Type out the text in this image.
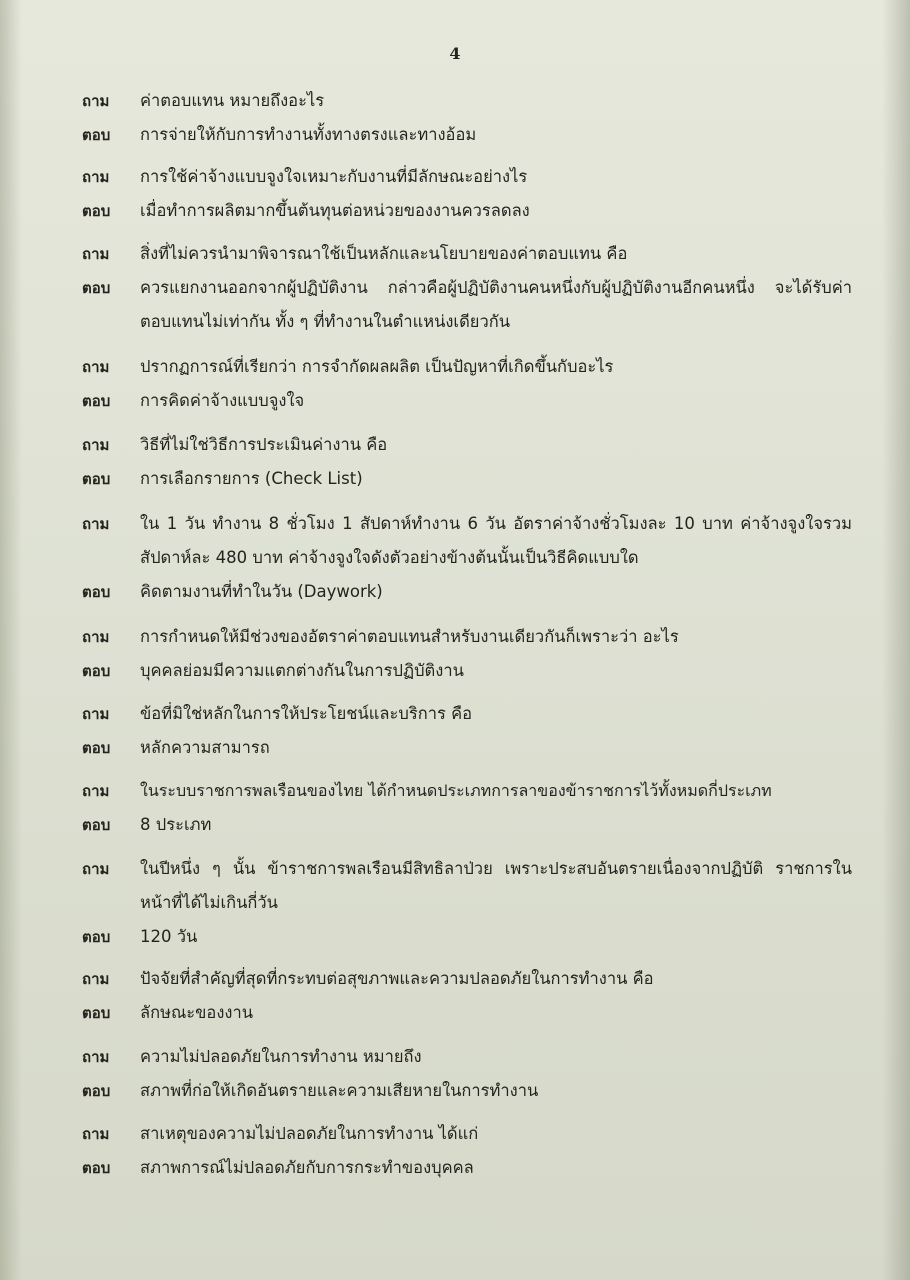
4
ถาม	ค่าตอบแทน หมายถึงอะไร
ตอบ	การจ่ายให้กับการทำงานทั้งทางตรงและทางอ้อม
ถาม	การใช้ค่าจ้างแบบจูงใจเหมาะกับงานที่มีลักษณะอย่างไร
ตอบ	เมื่อทำการผลิตมากขึ้นต้นทุนต่อหน่วยของงานควรลดลง
ถาม	สิ่งที่ไม่ควรนำมาพิจารณาใช้เป็นหลักและนโยบายของค่าตอบแทน คือ
ตอบ	ควรแยกงานออกจากผู้ปฏิบัติงาน กล่าวคือผู้ปฏิบัติงานคนหนึ่งกับผู้ปฏิบัติงานอีกคนหนึ่ง จะได้รับค่าตอบแทนไม่เท่ากัน ทั้ง ๆ ที่ทำงานในตำแหน่งเดียวกัน
ถาม	ปรากฏการณ์ที่เรียกว่า การจำกัดผลผลิต เป็นปัญหาที่เกิดขึ้นกับอะไร
ตอบ	การคิดค่าจ้างแบบจูงใจ
ถาม	วิธีที่ไม่ใช่วิธีการประเมินค่างาน คือ
ตอบ	การเลือกรายการ (Check List)
ถาม	ใน 1 วัน ทำงาน 8 ชั่วโมง 1 สัปดาห์ทำงาน 6 วัน อัตราค่าจ้างชั่วโมงละ 10 บาท ค่าจ้างจูงใจรวมสัปดาห์ละ 480 บาท ค่าจ้างจูงใจดังตัวอย่างข้างต้นนั้นเป็นวิธีคิดแบบใด
ตอบ	คิดตามงานที่ทำในวัน (Daywork)
ถาม	การกำหนดให้มีช่วงของอัตราค่าตอบแทนสำหรับงานเดียวกันก็เพราะว่า อะไร
ตอบ	บุคคลย่อมมีความแตกต่างกันในการปฏิบัติงาน
ถาม	ข้อที่มิใช่หลักในการให้ประโยชน์และบริการ คือ
ตอบ	หลักความสามารถ
ถาม	ในระบบราชการพลเรือนของไทย ได้กำหนดประเภทการลาของข้าราชการไว้ทั้งหมดกี่ประเภท
ตอบ	8 ประเภท
ถาม	ในปีหนึ่ง ๆ นั้น ข้าราชการพลเรือนมีสิทธิลาป่วย เพราะประสบอันตรายเนื่องจากปฏิบัติ ราชการในหน้าที่ได้ไม่เกินกี่วัน
ตอบ	120 วัน
ถาม	ปัจจัยที่สำคัญที่สุดที่กระทบต่อสุขภาพและความปลอดภัยในการทำงาน คือ
ตอบ	ลักษณะของงาน
ถาม	ความไม่ปลอดภัยในการทำงาน หมายถึง
ตอบ	สภาพที่ก่อให้เกิดอันตรายและความเสียหายในการทำงาน
ถาม	สาเหตุของความไม่ปลอดภัยในการทำงาน ได้แก่
ตอบ	สภาพการณ์ไม่ปลอดภัยกับการกระทำของบุคคล
